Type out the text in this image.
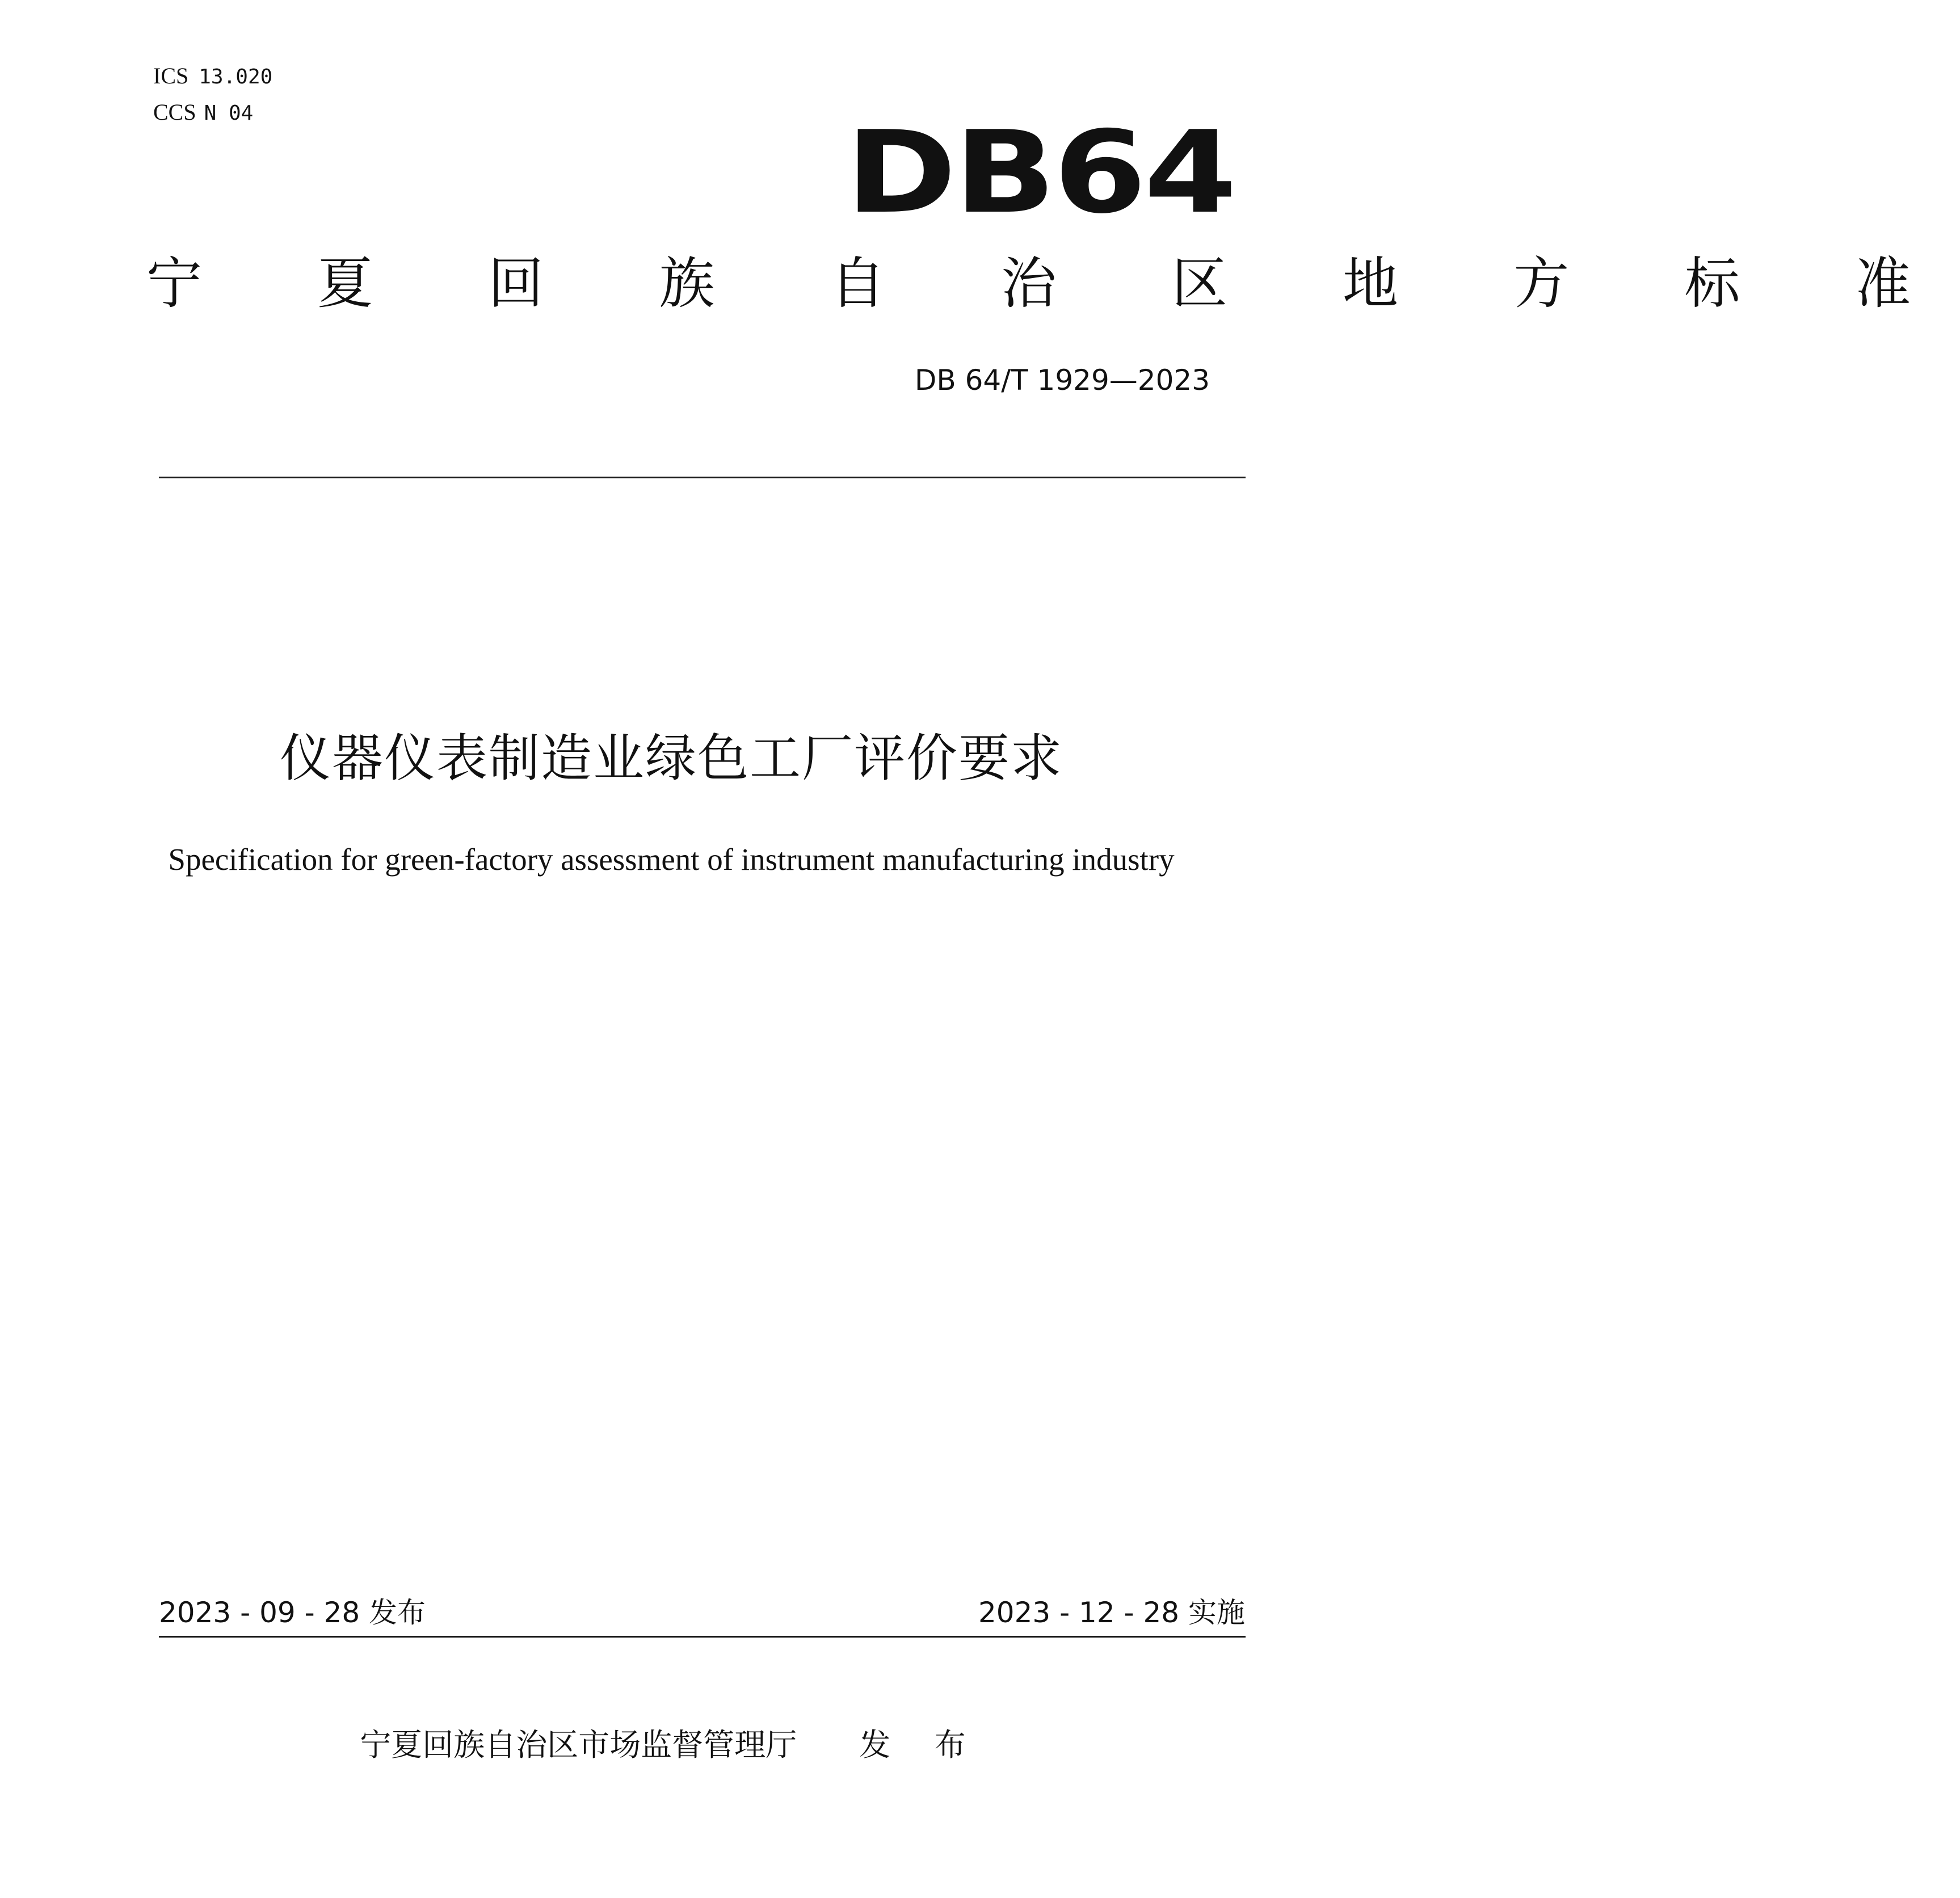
ICS 13.020
CCS N 04	DB64
宁 夏 回 族 自 治 区 地 方 标 准
DB 64/T 1929—2023
仪器仪表制造业绿色工厂评价要求
Specification for green-factory assessment of instrument manufacturing industry
2023 - 09 - 28 发布	2023 - 12 - 28 实施
宁夏回族自治区市场监督管理厅 发 布
